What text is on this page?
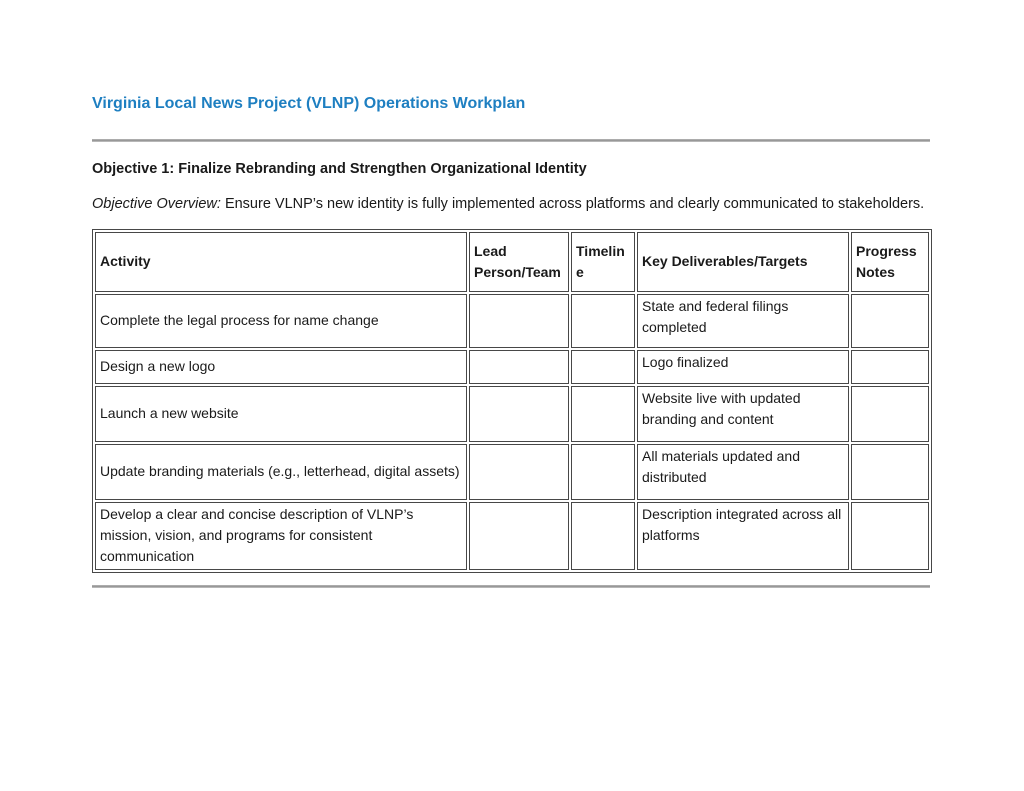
Virginia Local News Project (VLNP) Operations Workplan
Objective 1: Finalize Rebranding and Strengthen Organizational Identity

Objective Overview: Ensure VLNP’s new identity is fully implemented across platforms and clearly communicated to stakeholders.

Activity	Lead Person/Team	Timeline	Key Deliverables/Targets	Progress Notes
Complete the legal process for name change			State and federal filings completed	
Design a new logo			Logo finalized	
Launch a new website			Website live with updated branding and content	
Update branding materials (e.g., letterhead, digital assets)			All materials updated and distributed	
Develop a clear and concise description of VLNP’s mission, vision, and programs for consistent communication			Description integrated across all platforms	
